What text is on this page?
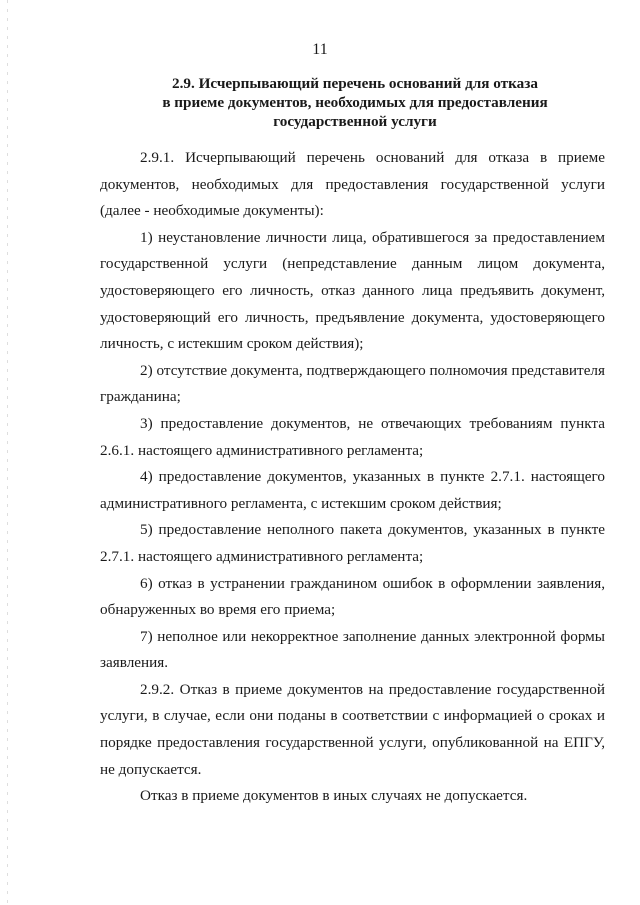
11
2.9. Исчерпывающий перечень оснований для отказа
в приеме документов, необходимых для предоставления
государственной услуги

2.9.1. Исчерпывающий перечень оснований для отказа в приеме документов, необходимых для предоставления государственной услуги (далее - необходимые документы):

1) неустановление личности лица, обратившегося за предоставлением государственной услуги (непредставление данным лицом документа, удостоверяющего его личность, отказ данного лица предъявить документ, удостоверяющий его личность, предъявление документа, удостоверяющего личность, с истекшим сроком действия);

2) отсутствие документа, подтверждающего полномочия представителя гражданина;

3) предоставление документов, не отвечающих требованиям пункта 2.6.1. настоящего административного регламента;

4) предоставление документов, указанных в пункте 2.7.1. настоящего административного регламента, с истекшим сроком действия;

5) предоставление неполного пакета документов, указанных в пункте 2.7.1. настоящего административного регламента;

6) отказ в устранении гражданином ошибок в оформлении заявления, обнаруженных во время его приема;

7) неполное или некорректное заполнение данных электронной формы заявления.

2.9.2. Отказ в приеме документов на предоставление государственной услуги, в случае, если они поданы в соответствии с информацией о сроках и порядке предоставления государственной услуги, опубликованной на ЕПГУ, не допускается.

Отказ в приеме документов в иных случаях не допускается.
